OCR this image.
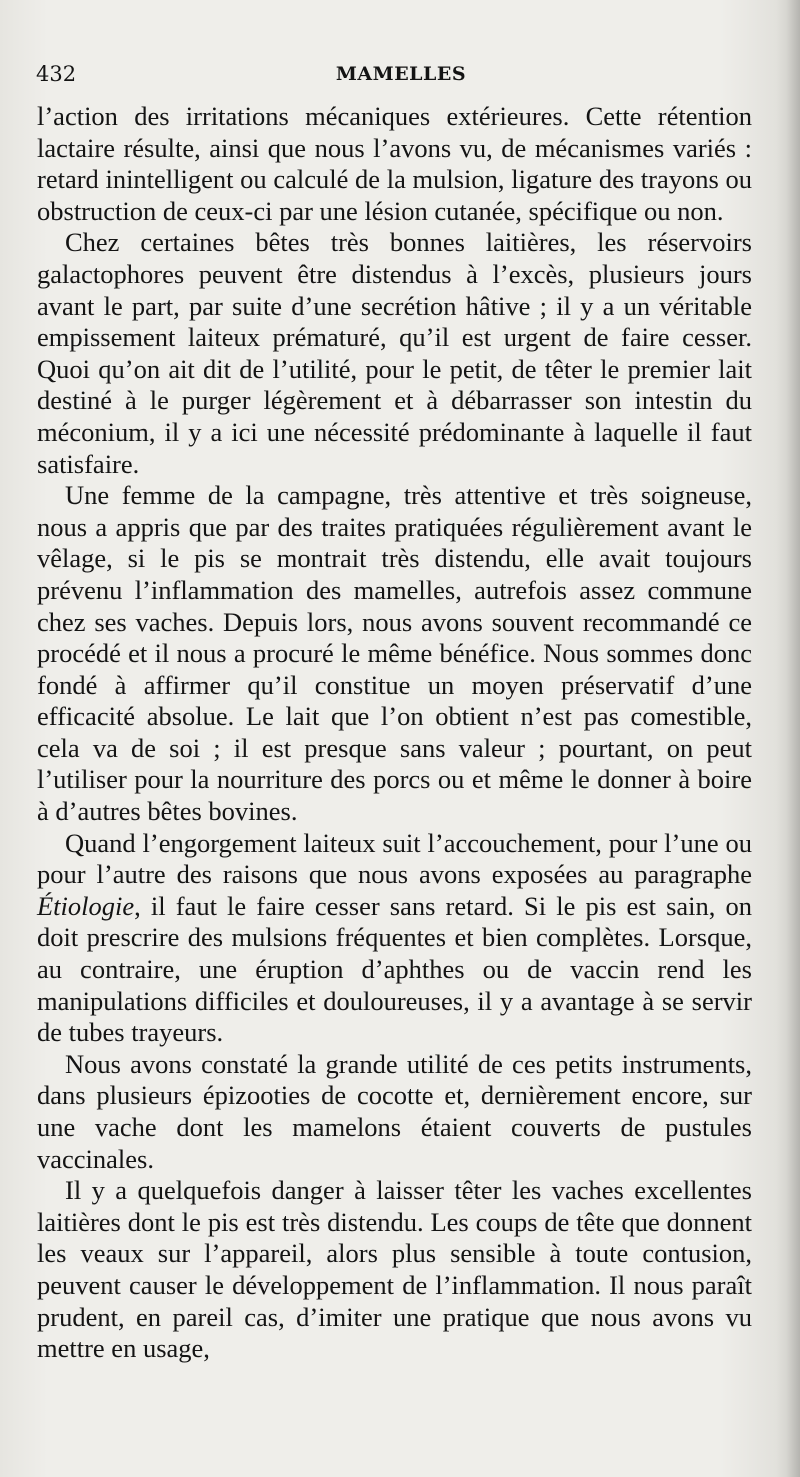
432	MAMELLES

l’action des irritations mécaniques extérieures. Cette rétention lactaire résulte, ainsi que nous l’avons vu, de mécanismes variés : retard inintelligent ou calculé de la mulsion, ligature des trayons ou obstruction de ceux-ci par une lésion cutanée, spécifique ou non.

Chez certaines bêtes très bonnes laitières, les réservoirs galactophores peuvent être distendus à l’excès, plusieurs jours avant le part, par suite d’une secrétion hâtive ; il y a un véritable empissement laiteux prématuré, qu’il est urgent de faire cesser. Quoi qu’on ait dit de l’utilité, pour le petit, de têter le premier lait destiné à le purger légèrement et à débarrasser son intestin du méconium, il y a ici une nécessité prédominante à laquelle il faut satisfaire.

Une femme de la campagne, très attentive et très soigneuse, nous a appris que par des traites pratiquées régulièrement avant le vêlage, si le pis se montrait très distendu, elle avait toujours prévenu l’inflammation des mamelles, autrefois assez commune chez ses vaches. Depuis lors, nous avons souvent recommandé ce procédé et il nous a procuré le même bénéfice. Nous sommes donc fondé à affirmer qu’il constitue un moyen préservatif d’une efficacité absolue. Le lait que l’on obtient n’est pas comestible, cela va de soi ; il est presque sans valeur ; pourtant, on peut l’utiliser pour la nourriture des porcs ou et même le donner à boire à d’autres bêtes bovines.

Quand l’engorgement laiteux suit l’accouchement, pour l’une ou pour l’autre des raisons que nous avons exposées au paragraphe Étiologie, il faut le faire cesser sans retard. Si le pis est sain, on doit prescrire des mulsions fréquentes et bien complètes. Lorsque, au contraire, une éruption d’aphthes ou de vaccin rend les manipulations difficiles et douloureuses, il y a avantage à se servir de tubes trayeurs.

Nous avons constaté la grande utilité de ces petits instruments, dans plusieurs épizooties de cocotte et, dernièrement encore, sur une vache dont les mamelons étaient couverts de pustules vaccinales.

Il y a quelquefois danger à laisser têter les vaches excellentes laitières dont le pis est très distendu. Les coups de tête que donnent les veaux sur l’appareil, alors plus sensible à toute contusion, peuvent causer le développement de l’inflammation. Il nous paraît prudent, en pareil cas, d’imiter une pratique que nous avons vu mettre en usage,
